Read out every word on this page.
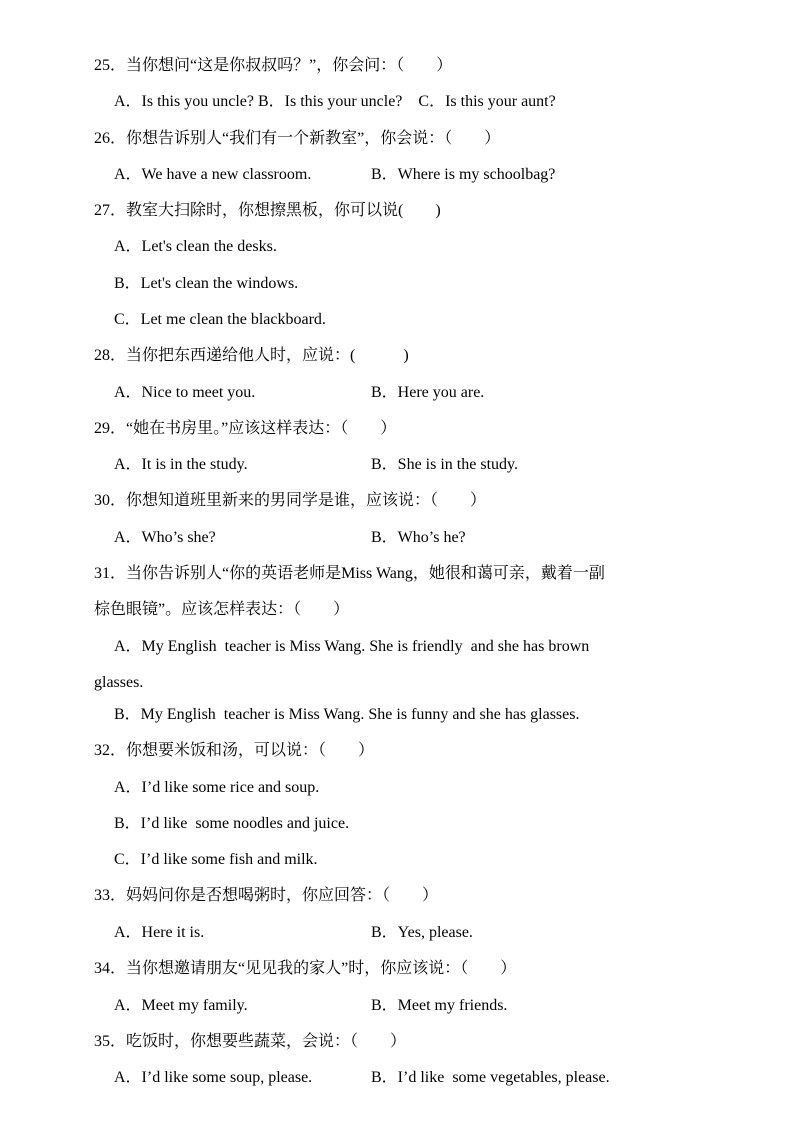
25．当你想问“这是你叔叔吗？”，你会问：（　　）
A．Is this you uncle? B．Is this your uncle?　C．Is this your aunt?
26．你想告诉别人“我们有一个新教室”，你会说：（　　）
A．We have a new classroom.	B．Where is my schoolbag?
27．教室大扫除时，你想擦黑板，你可以说(　　)
A．Let's clean the desks.
B．Let's clean the windows.
C．Let me clean the blackboard.
28．当你把东西递给他人时，应说：(　　　)
A．Nice to meet you.	B．Here you are.
29．“她在书房里。”应该这样表达：（　　）
A．It is in the study.	B．She is in the study.
30．你想知道班里新来的男同学是谁，应该说：（　　）
A．Who’s she?	B．Who’s he?
31．当你告诉别人“你的英语老师是Miss Wang，她很和蔼可亲，戴着一副
棕色眼镜”。应该怎样表达：（　　）
A．My English  teacher is Miss Wang. She is friendly  and she has brown
glasses.
B．My English  teacher is Miss Wang. She is funny and she has glasses.
32．你想要米饭和汤，可以说：（　　）
A．I’d like some rice and soup.
B．I’d like  some noodles and juice.
C．I’d like some fish and milk.
33．妈妈问你是否想喝粥时，你应回答：（　　）
A．Here it is.	B．Yes, please.
34．当你想邀请朋友“见见我的家人”时，你应该说：（　　）
A．Meet my family.	B．Meet my friends.
35．吃饭时，你想要些蔬菜，会说：（　　）
A．I’d like some soup, please.	B．I’d like  some vegetables, please.
